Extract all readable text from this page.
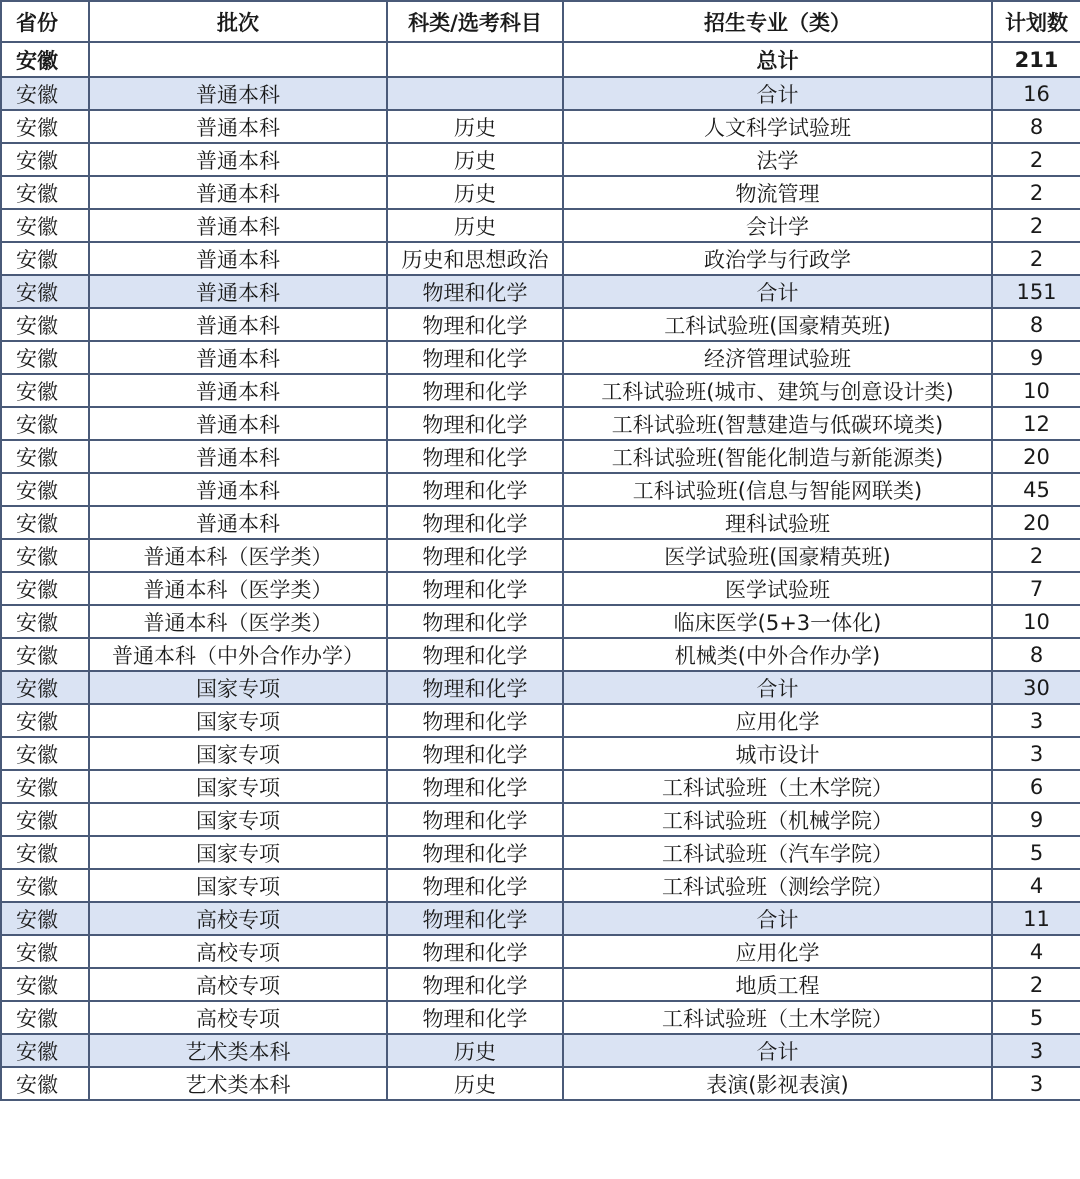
省份	批次	科类/选考科目	招生专业（类）	计划数
安徽			总计	211
安徽	普通本科		合计	16
安徽	普通本科	历史	人文科学试验班	8
安徽	普通本科	历史	法学	2
安徽	普通本科	历史	物流管理	2
安徽	普通本科	历史	会计学	2
安徽	普通本科	历史和思想政治	政治学与行政学	2
安徽	普通本科	物理和化学	合计	151
安徽	普通本科	物理和化学	工科试验班(国豪精英班)	8
安徽	普通本科	物理和化学	经济管理试验班	9
安徽	普通本科	物理和化学	工科试验班(城市、建筑与创意设计类)	10
安徽	普通本科	物理和化学	工科试验班(智慧建造与低碳环境类)	12
安徽	普通本科	物理和化学	工科试验班(智能化制造与新能源类)	20
安徽	普通本科	物理和化学	工科试验班(信息与智能网联类)	45
安徽	普通本科	物理和化学	理科试验班	20
安徽	普通本科（医学类）	物理和化学	医学试验班(国豪精英班)	2
安徽	普通本科（医学类）	物理和化学	医学试验班	7
安徽	普通本科（医学类）	物理和化学	临床医学(5+3一体化)	10
安徽	普通本科（中外合作办学）	物理和化学	机械类(中外合作办学)	8
安徽	国家专项	物理和化学	合计	30
安徽	国家专项	物理和化学	应用化学	3
安徽	国家专项	物理和化学	城市设计	3
安徽	国家专项	物理和化学	工科试验班（土木学院）	6
安徽	国家专项	物理和化学	工科试验班（机械学院）	9
安徽	国家专项	物理和化学	工科试验班（汽车学院）	5
安徽	国家专项	物理和化学	工科试验班（测绘学院）	4
安徽	高校专项	物理和化学	合计	11
安徽	高校专项	物理和化学	应用化学	4
安徽	高校专项	物理和化学	地质工程	2
安徽	高校专项	物理和化学	工科试验班（土木学院）	5
安徽	艺术类本科	历史	合计	3
安徽	艺术类本科	历史	表演(影视表演)	3
